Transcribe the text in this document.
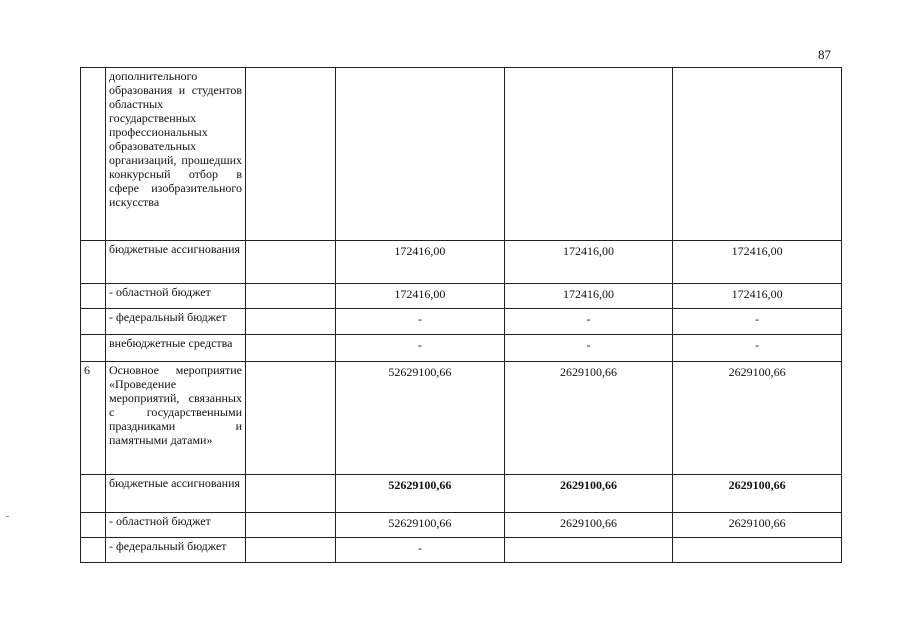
87
	дополнительного образования и студентов областных государственных профессиональных образовательных организаций, прошедших конкурсный отбор в сфере изобразительного искусства				
	бюджетные ассигнования		172416,00	172416,00	172416,00
	- областной бюджет		172416,00	172416,00	172416,00
	- федеральный бюджет		-	-	-
	внебюджетные средства		-	-	-
6	Основное мероприятие «Проведение мероприятий, связанных с государственными праздниками и памятными датами»		52629100,66	2629100,66	2629100,66
	бюджетные ассигнования		52629100,66	2629100,66	2629100,66
	- областной бюджет		52629100,66	2629100,66	2629100,66
	- федеральный бюджет		-		
